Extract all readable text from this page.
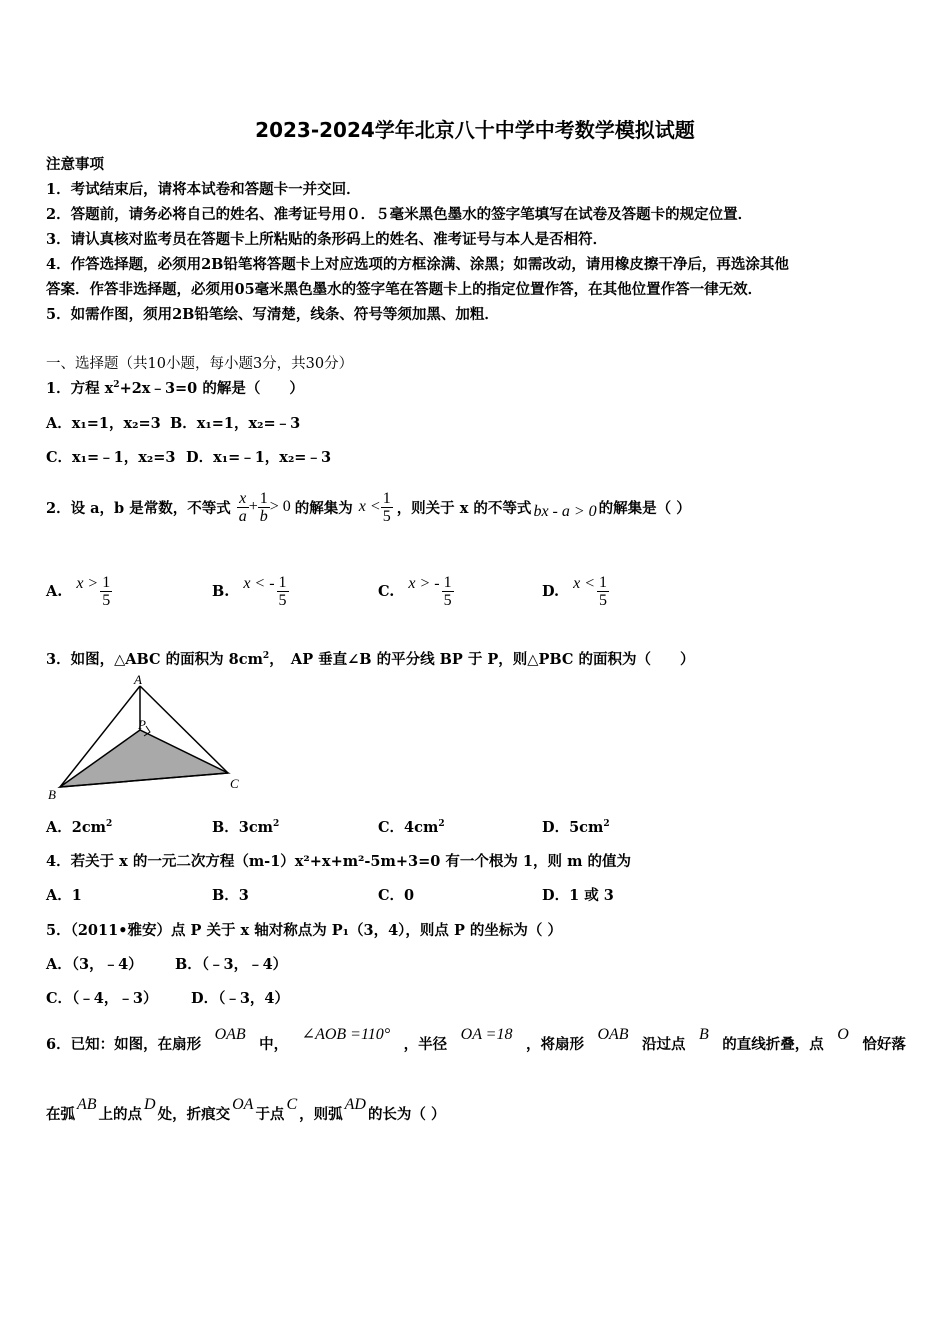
2023-2024学年北京八十中学中考数学模拟试题
注意事项
1．考试结束后，请将本试卷和答题卡一并交回．
2．答题前，请务必将自己的姓名、准考证号用０．５毫米黑色墨水的签字笔填写在试卷及答题卡的规定位置．
3．请认真核对监考员在答题卡上所粘贴的条形码上的姓名、准考证号与本人是否相符．
4．作答选择题，必须用2B铅笔将答题卡上对应选项的方框涂满、涂黑；如需改动，请用橡皮擦干净后，再选涂其他
答案．作答非选择题，必须用05毫米黑色墨水的签字笔在答题卡上的指定位置作答，在其他位置作答一律无效．
5．如需作图，须用2B铅笔绘、写清楚，线条、符号等须加黑、加粗．
一、选择题（共10小题，每小题3分，共30分）
1．方程 $x^2+2x﹣3=0$ 的解是（　　）
A．x₁=1，x₂=3 B．x₁=1，x₂=﹣3
C．x₁=﹣1，x₂=3 D．x₁=﹣1，x₂=﹣3
2．设 a，b 是常数，不等式 $\frac{x}{a} + \frac{1}{b} > 0$ 的解集为 $x < \frac{1}{5}$ ，则关于 x 的不等式 bx - a > 0 的解集是（ ）
A. $x > \frac{1}{5}$	B. x < - $\frac{1}{5}$	C. x > - $\frac{1}{5}$	D. $x < \frac{1}{5}$
3．如图，△ABC 的面积为 $8cm^2$，　AP 垂直∠B 的平分线 BP 于 P，则△PBC 的面积为（　　）
A
P
B
C
A．$2cm^2$	B．$3cm^2$	C．$4cm^2$	D．$5cm^2$
4．若关于 x 的一元二次方程（m-1）x²+x+m²-5m+3=0 有一个根为 1，则 m 的值为
A．1	B．3	C．0	D．1 或 3
5．（2011•雅安）点 P 关于 x 轴对称点为 P₁（3，4），则点 P 的坐标为（ ）
A．（3，﹣4） B．（﹣3，﹣4）
C．（﹣4，﹣3） D．（﹣3，4）
6．已知：如图，在扇形
OAB
中，
∠AOB =110°
，半径
OA =18
，将扇形
OAB
沿过点
B
的直线折叠，点
O
恰好落
在弧
AB
上的点
D
处，折痕交
OA
于点
C
，则弧
AD
的长为（ ）
